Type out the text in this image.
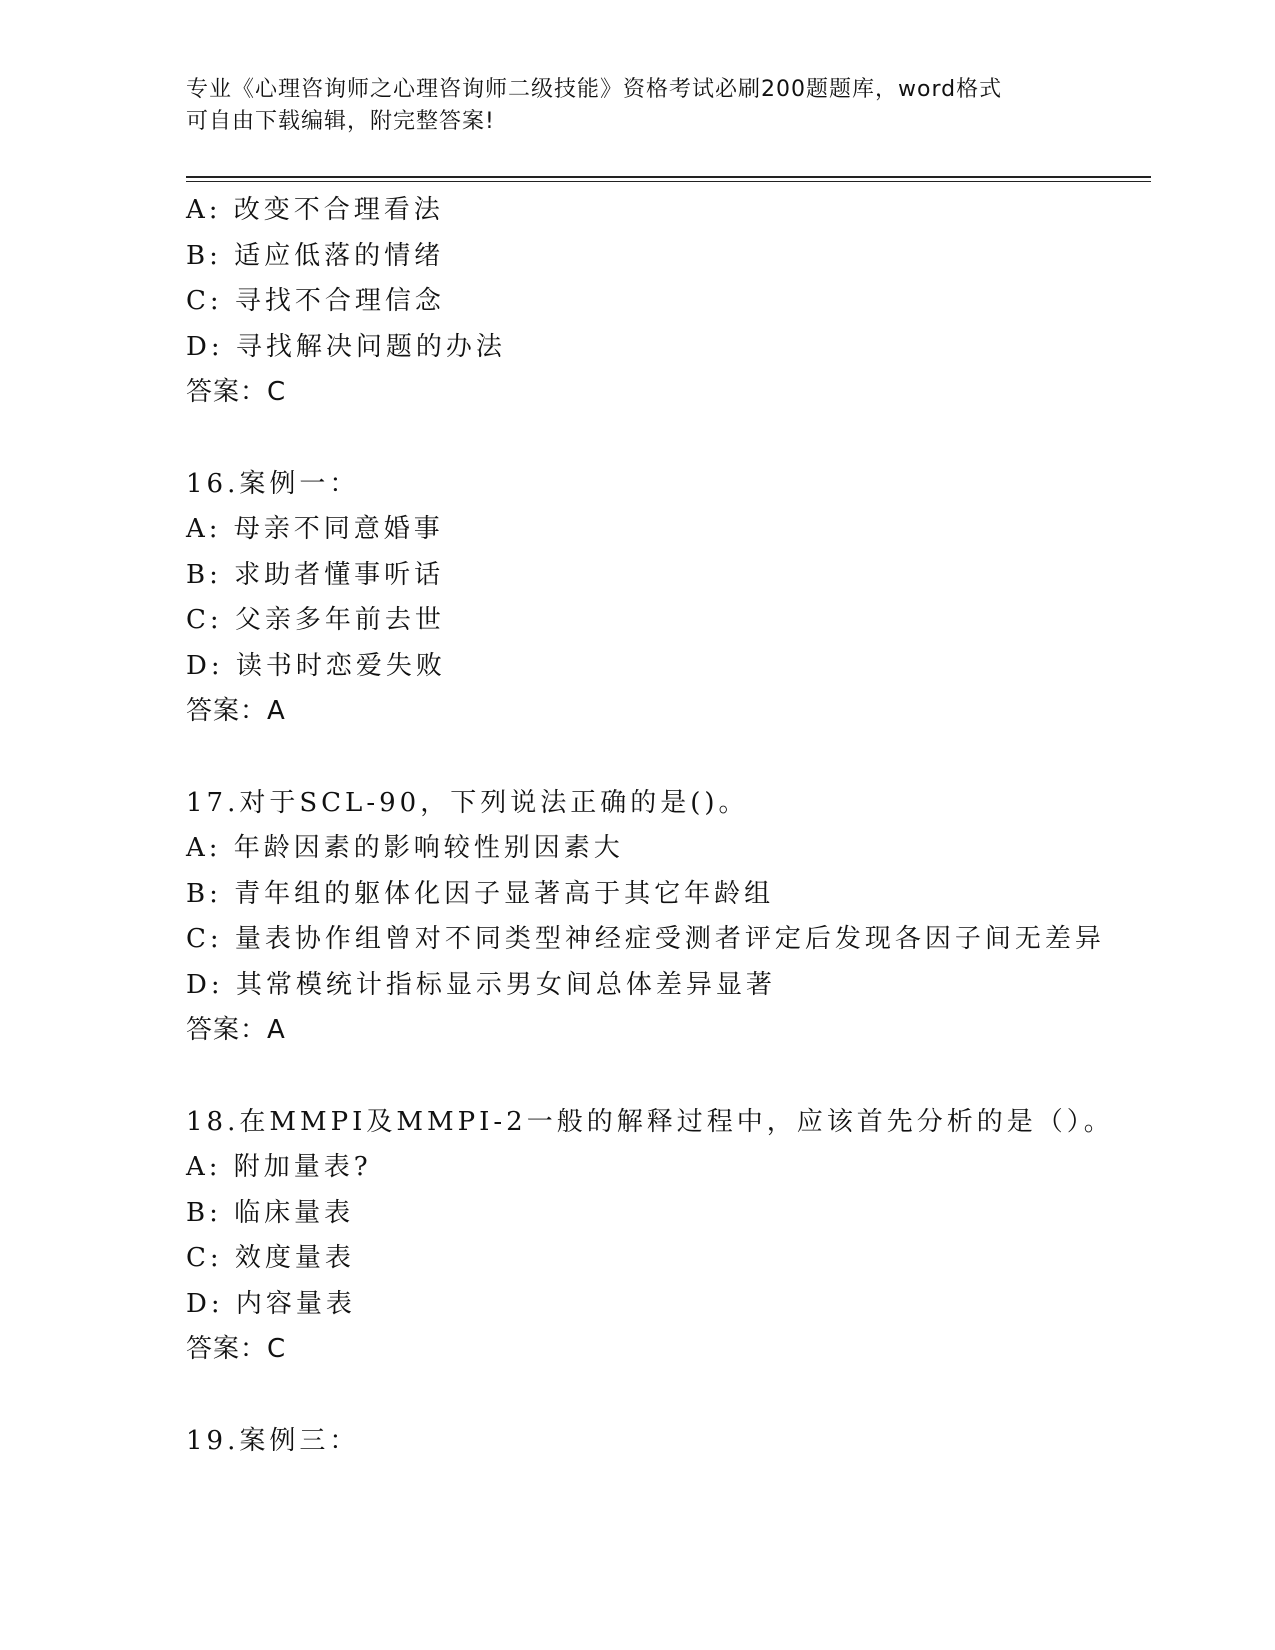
专业《心理咨询师之心理咨询师二级技能》资格考试必刷200题题库，word格式
可自由下载编辑，附完整答案!
A: 改变不合理看法
B: 适应低落的情绪
C: 寻找不合理信念
D: 寻找解决问题的办法
答案：C
16.案例一：
A: 母亲不同意婚事
B: 求助者懂事听话
C: 父亲多年前去世
D: 读书时恋爱失败
答案：A
17.对于SCL-90，下列说法正确的是()。
A: 年龄因素的影响较性别因素大
B: 青年组的躯体化因子显著高于其它年龄组
C: 量表协作组曾对不同类型神经症受测者评定后发现各因子间无差异
D: 其常模统计指标显示男女间总体差异显著
答案：A
18.在MMPI及MMPI-2一般的解释过程中，应该首先分析的是（）。
A: 附加量表?
B: 临床量表
C: 效度量表
D: 内容量表
答案：C
19.案例三：
